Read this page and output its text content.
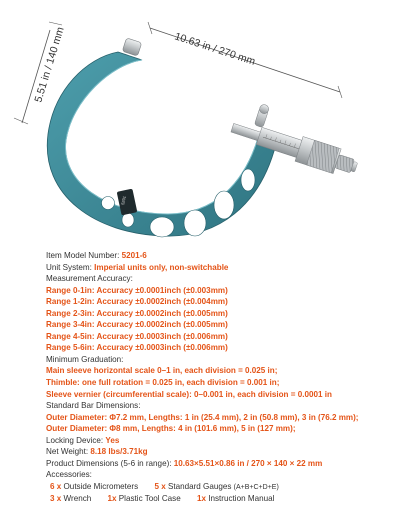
5.51 in / 140 mm	10.63 in / 270 mm
5201
Item Model Number: 5201-6
Unit System: Imperial units only, non-switchable
Measurement Accuracy:
Range 0-1in: Accuracy ±0.0001inch (±0.003mm)
Range 1-2in: Accuracy ±0.0002inch (±0.004mm)
Range 2-3in: Accuracy ±0.0002inch (±0.005mm)
Range 3-4in: Accuracy ±0.0002inch (±0.005mm)
Range 4-5in: Accuracy ±0.0003inch (±0.006mm)
Range 5-6in: Accuracy ±0.0003inch (±0.006mm)
Minimum Graduation:
Main sleeve horizontal scale 0–1 in, each division = 0.025 in;
Thimble: one full rotation = 0.025 in, each division = 0.001 in;
Sleeve vernier (circumferential scale): 0–0.001 in, each division = 0.0001 in
Standard Bar Dimensions:
Outer Diameter: Φ7.2 mm, Lengths: 1 in (25.4 mm), 2 in (50.8 mm), 3 in (76.2 mm);
Outer Diameter: Φ8 mm, Lengths: 4 in (101.6 mm), 5 in (127 mm);
Locking Device: Yes
Net Weight: 8.18 lbs/3.71kg
Product Dimensions (5-6 in range): 10.63×5.51×0.86 in / 270 × 140 × 22 mm
Accessories:
6 x Outside Micrometers 5 x Standard Gauges (A+B+C+D+E)
3 x Wrench 1x Plastic Tool Case 1x Instruction Manual
